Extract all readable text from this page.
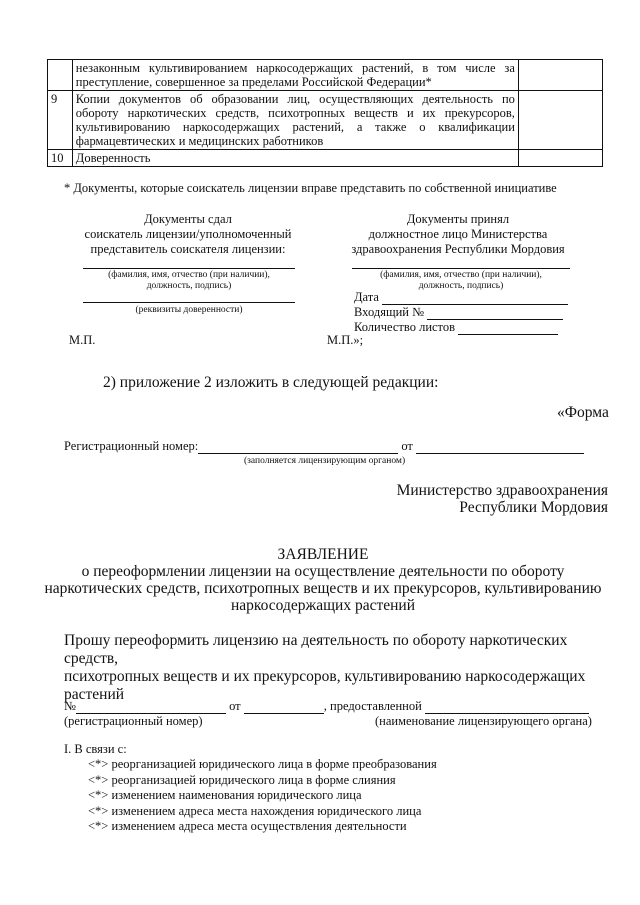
	незаконным культивированием наркосодержащих растений, в том числе за преступление, совершенное за пределами Российской Федерации*	
9	Копии документов об образовании лиц, осуществляющих деятельность по обороту наркотических средств, психотропных веществ и их прекурсоров, культивированию наркосодержащих растений, а также о квалификации фармацевтических и медицинских работников	
10	Доверенность	
* Документы, которые соискатель лицензии вправе представить по собственной инициативе
Документы сдал
соискатель лицензии/уполномоченный
представитель соискателя лицензии:
(фамилия, имя, отчество (при наличии),
должность, подпись)
(реквизиты доверенности)
М.П.
Документы принял
должностное лицо Министерства
здравоохранения Республики Мордовия
(фамилия, имя, отчество (при наличии),
должность, подпись)
Дата
Входящий №
Количество листов
М.П.»;
2) приложение 2 изложить в следующей редакции:
«Форма
Регистрационный номер:	от
(заполняется лицензирующим органом)
Министерство здравоохранения
Республики Мордовия
ЗАЯВЛЕНИЕ
о переоформлении лицензии на осуществление деятельности по обороту
наркотических средств, психотропных веществ и их прекурсоров, культивированию
наркосодержащих растений
Прошу переоформить лицензию на деятельность по обороту наркотических средств,
психотропных веществ и их прекурсоров, культивированию наркосодержащих
растений
№	от	, предоставленной
(регистрационный номер)	(наименование лицензирующего органа)
I. В связи с:
<*> реорганизацией юридического лица в форме преобразования
<*> реорганизацией юридического лица в форме слияния
<*> изменением наименования юридического лица
<*> изменением адреса места нахождения юридического лица
<*> изменением адреса места осуществления деятельности
